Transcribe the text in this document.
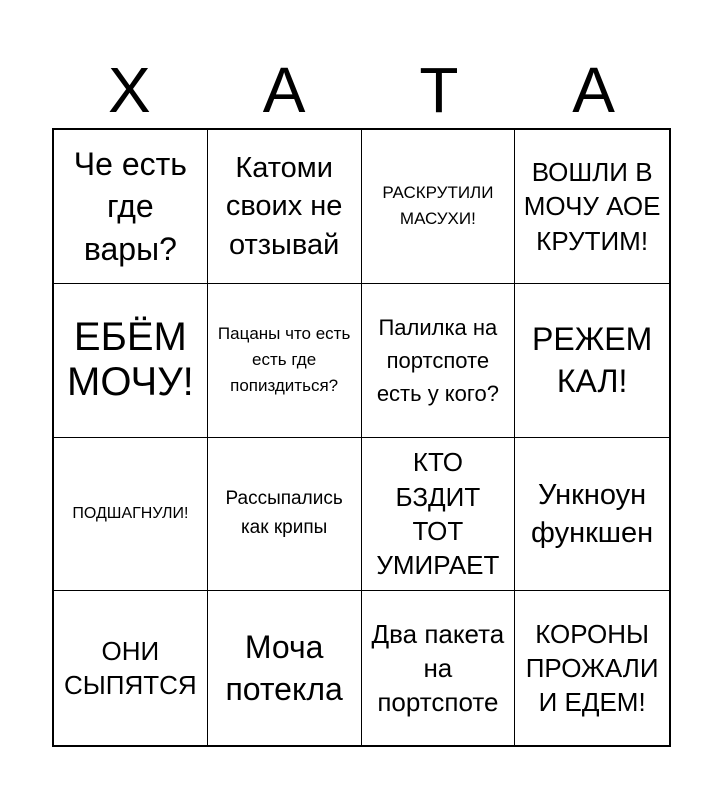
Х	А	Т	А
Че есть где вары?
Катоми своих не отзывай
РАСКРУТИЛИ МАСУХИ!
ВОШЛИ В МОЧУ АОЕ КРУТИМ!
ЕБЁМ МОЧУ!
Пацаны что есть есть где попиздиться?
Палилка на портспоте есть у кого?
РЕЖЕМ КАЛ!
ПОДШАГНУЛИ!
Рассыпались как крипы
КТО БЗДИТ ТОТ УМИРАЕТ
Ункноун функшен
ОНИ СЫПЯТСЯ
Моча потекла
Два пакета на портспоте
КОРОНЫ ПРОЖАЛИ И ЕДЕМ!
